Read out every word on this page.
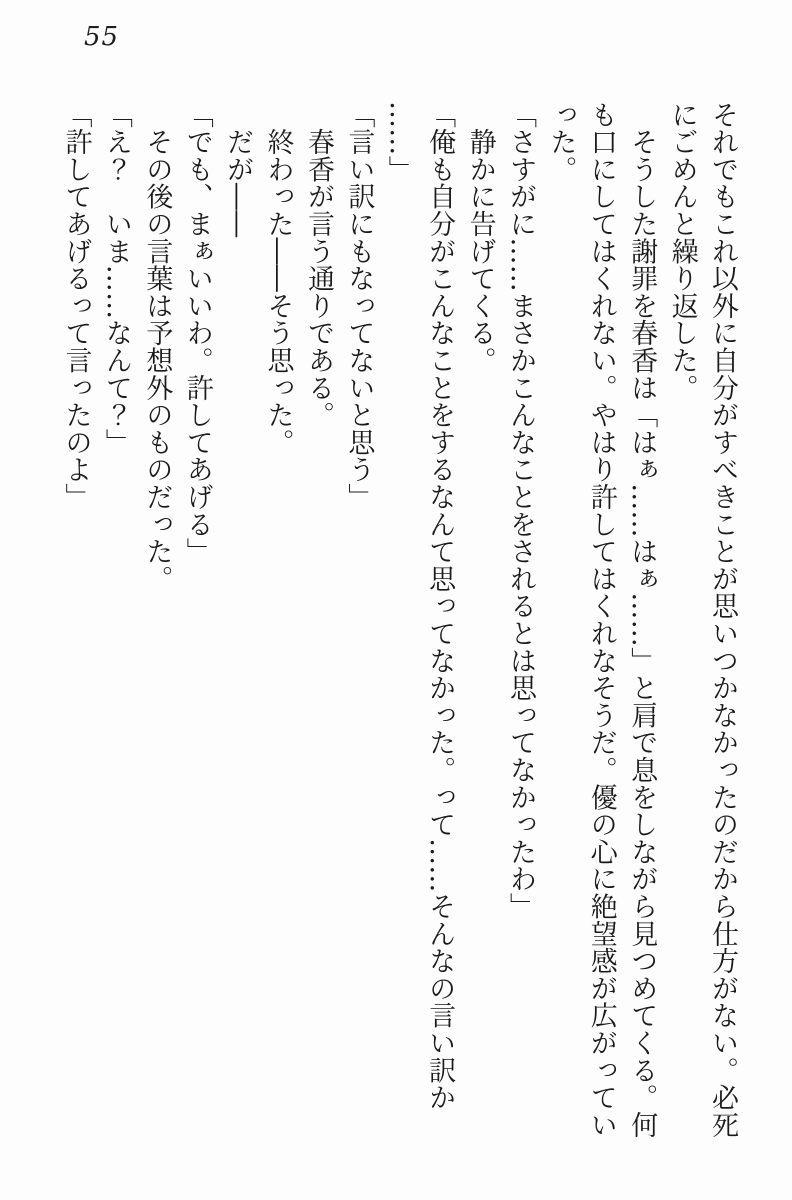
55

それでもこれ以外に自分がすべきことが思いつかなかったのだから仕方がない。必死

にごめんと繰り返した。

　そうした謝罪を春香は「はぁ……はぁ……」と肩で息をしながら見つめてくる。何

も口にしてはくれない。やはり許してはくれなそうだ。優の心に絶望感が広がってい

った。

「さすがに……まさかこんなことをされるとは思ってなかったわ」

　静かに告げてくる。

「俺も自分がこんなことをするなんて思ってなかった。って……そんなの言い訳か

……」

「言い訳にもなってないと思う」

　春香が言う通りである。

　終わった――そう思った。

　だが――

「でも、まぁいいわ。許してあげる」

　その後の言葉は予想外のものだった。

「え？　いま……なんて？」

「許してあげるって言ったのよ」
